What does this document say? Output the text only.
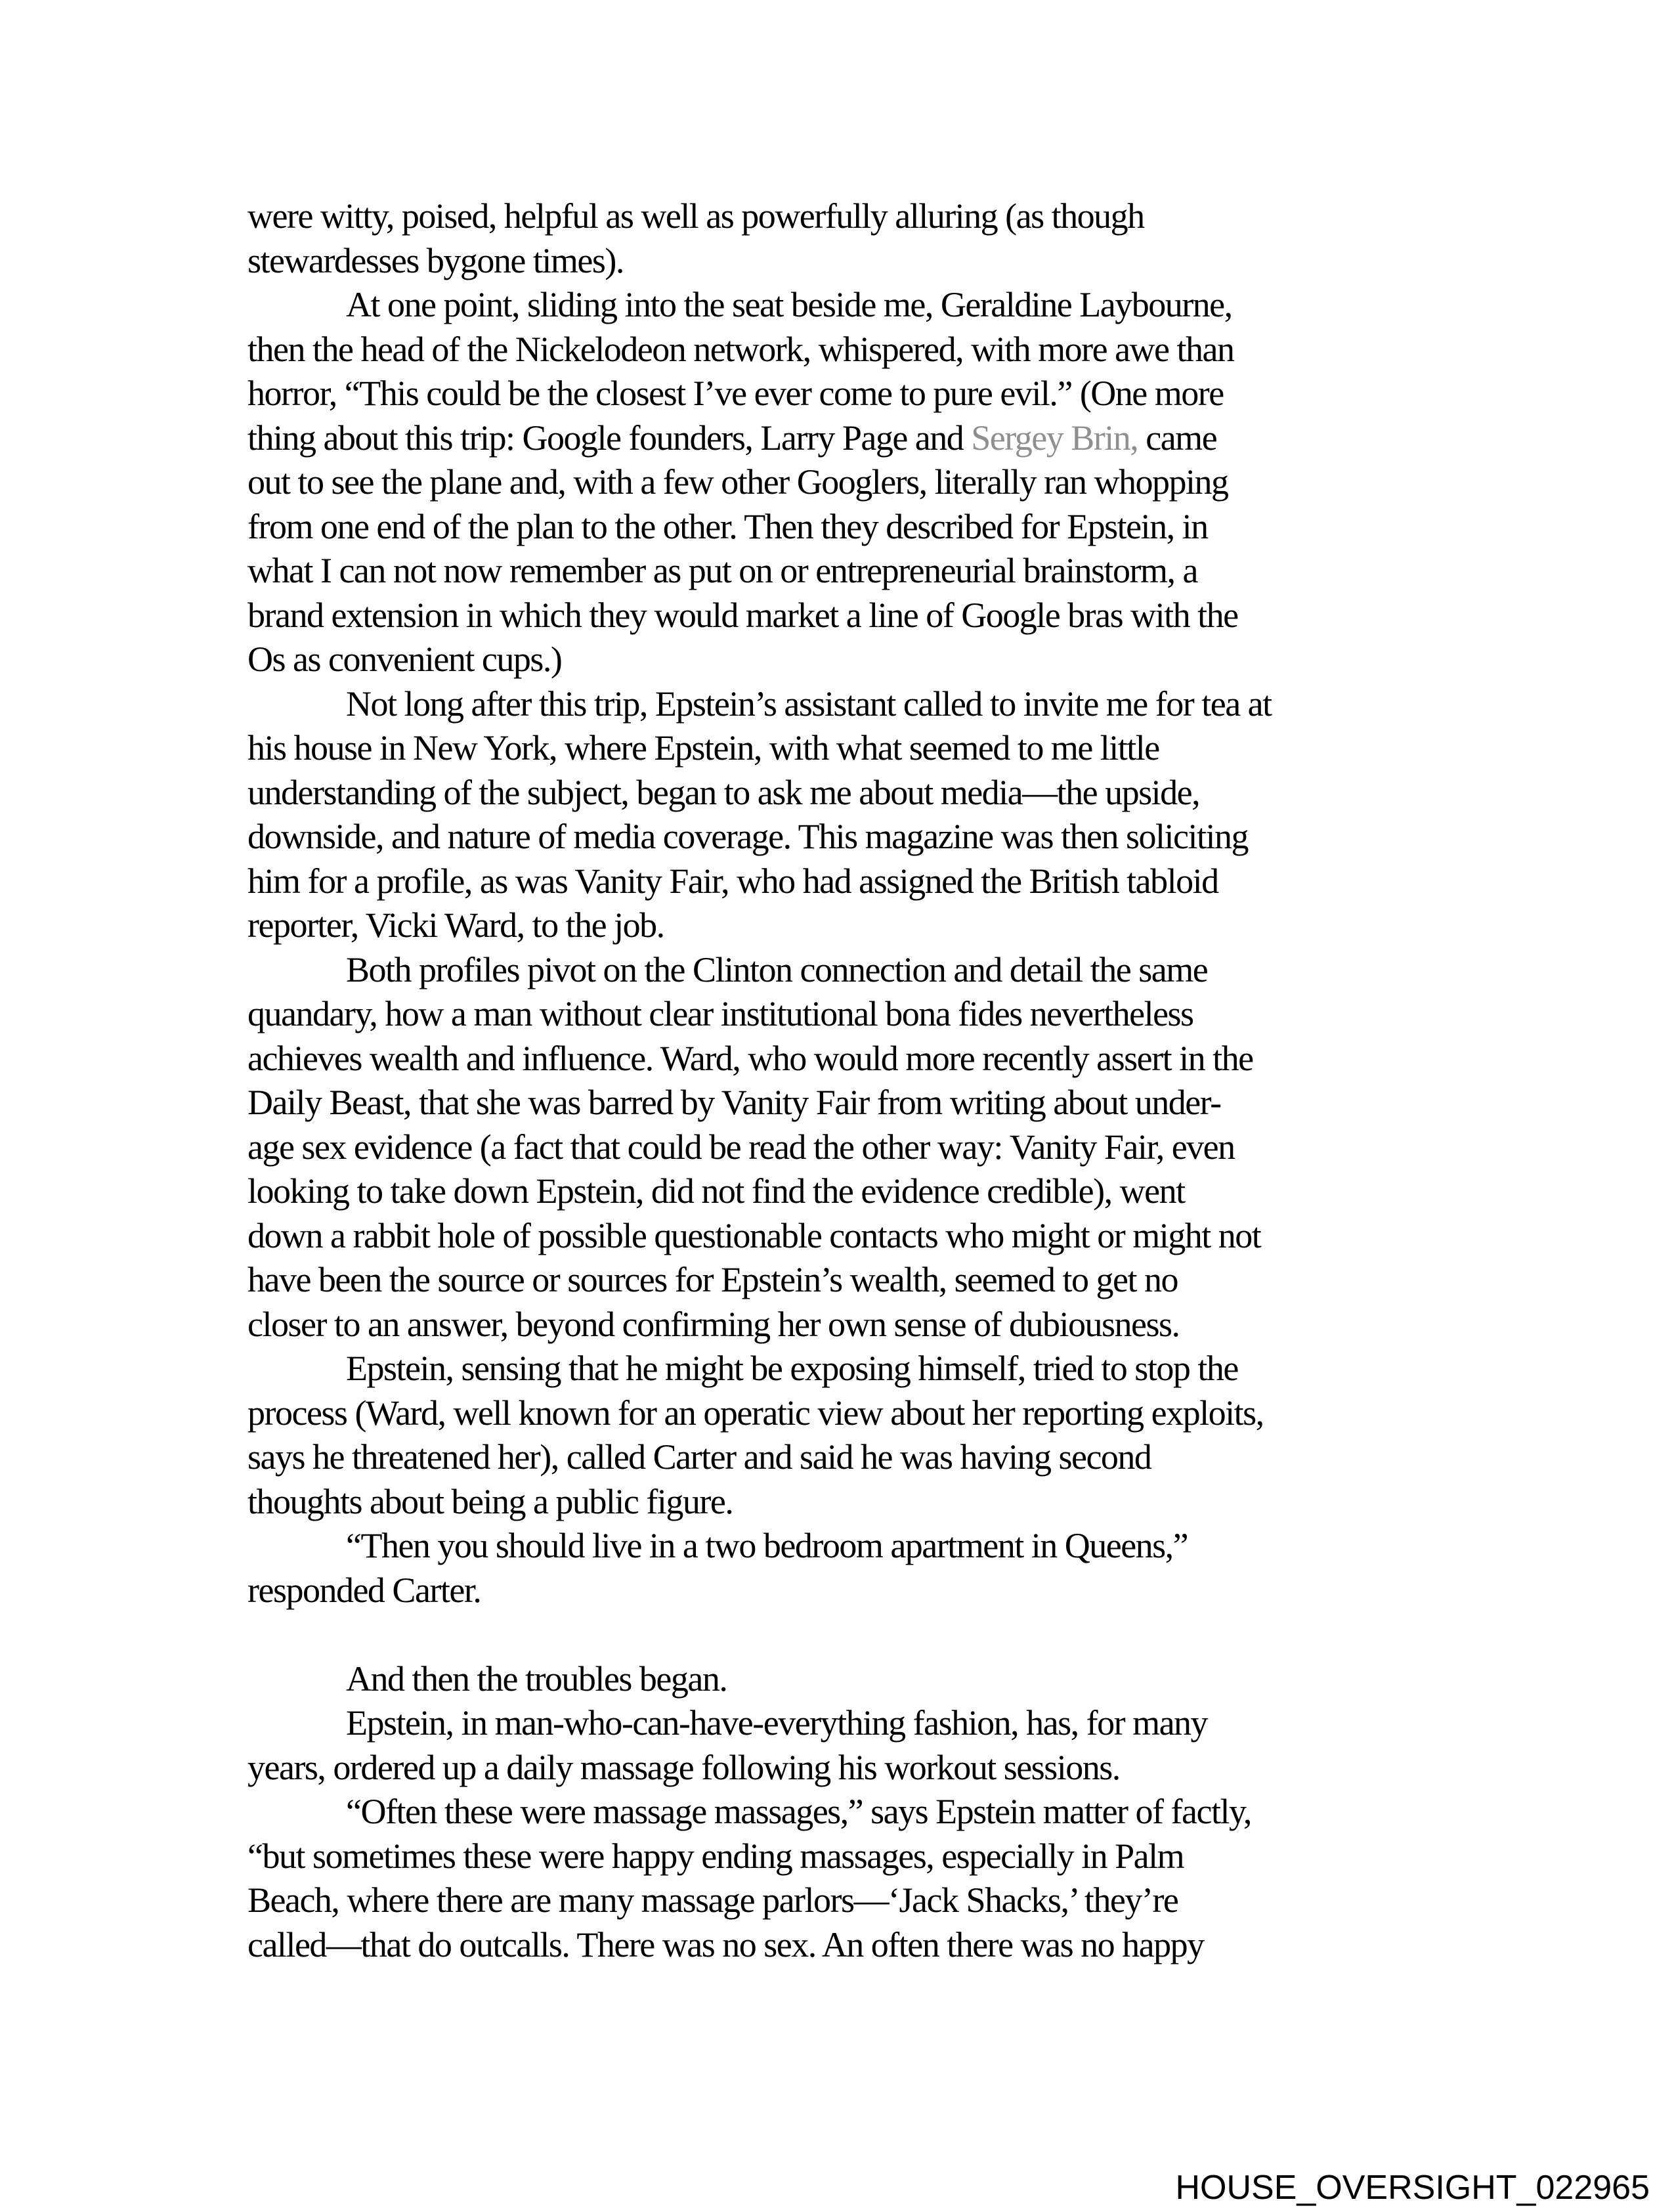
were witty, poised, helpful as well as powerfully alluring (as though
stewardesses bygone times).
At one point, sliding into the seat beside me, Geraldine Laybourne,
then the head of the Nickelodeon network, whispered, with more awe than
horror, “This could be the closest I’ve ever come to pure evil.” (One more
thing about this trip: Google founders, Larry Page and Sergey Brin, came
out to see the plane and, with a few other Googlers, literally ran whopping
from one end of the plan to the other. Then they described for Epstein, in
what I can not now remember as put on or entrepreneurial brainstorm, a
brand extension in which they would market a line of Google bras with the
Os as convenient cups.)
Not long after this trip, Epstein’s assistant called to invite me for tea at
his house in New York, where Epstein, with what seemed to me little
understanding of the subject, began to ask me about media—the upside,
downside, and nature of media coverage. This magazine was then soliciting
him for a profile, as was Vanity Fair, who had assigned the British tabloid
reporter, Vicki Ward, to the job.
Both profiles pivot on the Clinton connection and detail the same
quandary, how a man without clear institutional bona fides nevertheless
achieves wealth and influence. Ward, who would more recently assert in the
Daily Beast, that she was barred by Vanity Fair from writing about under-
age sex evidence (a fact that could be read the other way: Vanity Fair, even
looking to take down Epstein, did not find the evidence credible), went
down a rabbit hole of possible questionable contacts who might or might not
have been the source or sources for Epstein’s wealth, seemed to get no
closer to an answer, beyond confirming her own sense of dubiousness.
Epstein, sensing that he might be exposing himself, tried to stop the
process (Ward, well known for an operatic view about her reporting exploits,
says he threatened her), called Carter and said he was having second
thoughts about being a public figure.
“Then you should live in a two bedroom apartment in Queens,”
responded Carter.

And then the troubles began.
Epstein, in man-who-can-have-everything fashion, has, for many
years, ordered up a daily massage following his workout sessions.
“Often these were massage massages,” says Epstein matter of factly,
“but sometimes these were happy ending massages, especially in Palm
Beach, where there are many massage parlors—‘Jack Shacks,’ they’re
called—that do outcalls. There was no sex. An often there was no happy
HOUSE_OVERSIGHT_022965
